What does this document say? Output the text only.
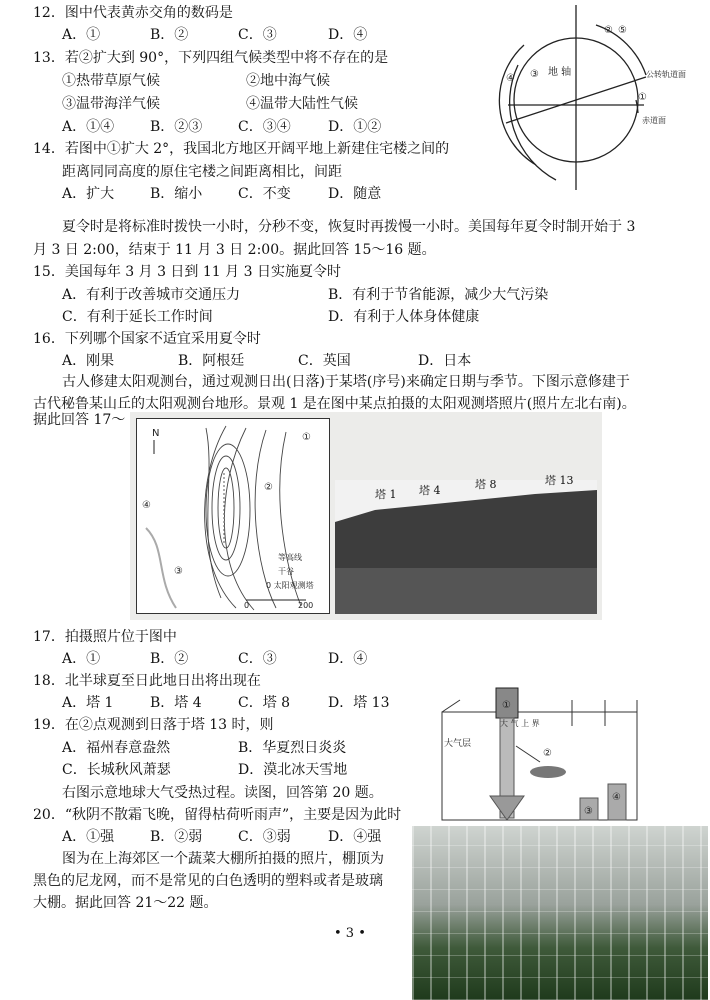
12．图中代表黄赤交角的数码是
A．①	B．②	C．③	D．④
13．若②扩大到 90°，下列四组气候类型中将不存在的是
①热带草原气候	②地中海气候
③温带海洋气候	④温带大陆性气候
A．①④	B．②③	C．③④	D．①②
14．若图中①扩大 2°，我国北方地区开阔平地上新建住宅楼之间的
距离同同高度的原住宅楼之间距离相比，间距
A．扩大	B．缩小	C．不变	D．随意
地 轴	公转轨道面
赤道面
①
②
③
④
⑤
夏令时是将标准时拨快一小时，分秒不变，恢复时再拨慢一小时。美国每年夏令时制开始于 3
月 3 日 2:00，结束于 11 月 3 日 2:00。据此回答 15～16 题。
15．美国每年 3 月 3 日到 11 月 3 日实施夏令时
A．有利于改善城市交通压力	B．有利于节省能源，减少大气污染
C．有利于延长工作时间	D．有利于人体身体健康
16．下列哪个国家不适宜采用夏令时
A．刚果	B．阿根廷	C．英国	D．日本
古人修建太阳观测台，通过观测日出(日落)于某塔(序号)来确定日期与季节。下图示意修建于
古代秘鲁某山丘的太阳观测台地形。景观 1 是在图中某点拍摄的太阳观测塔照片(照片左北右南)。
据此回答 17～
N	①
②
③
④
等高线
干谷
0 太阳观测塔
0	200
塔 1 塔 4	塔 8	塔 13
17．拍摄照片位于图中
A．①	B．②	C．③	D．④
18．北半球夏至日此地日出将出现在
A．塔 1	B．塔 4	C．塔 8	D．塔 13
19．在②点观测到日落于塔 13 时，则
A．福州春意盎然	B．华夏烈日炎炎
C．长城秋风萧瑟	D．漠北冰天雪地
右图示意地球大气受热过程。读图，回答第 20 题。
①
②
③
④
大 气 上 界
大气层
20．“秋阴不散霜飞晚，留得枯荷听雨声”，主要是因为此时
A．①强	B．②弱	C．③弱	D．④强
图为在上海郊区一个蔬菜大棚所拍摄的照片，棚顶为
黑色的尼龙网，而不是常见的白色透明的塑料或者是玻璃
大棚。据此回答 21～22 题。
• 3 •
